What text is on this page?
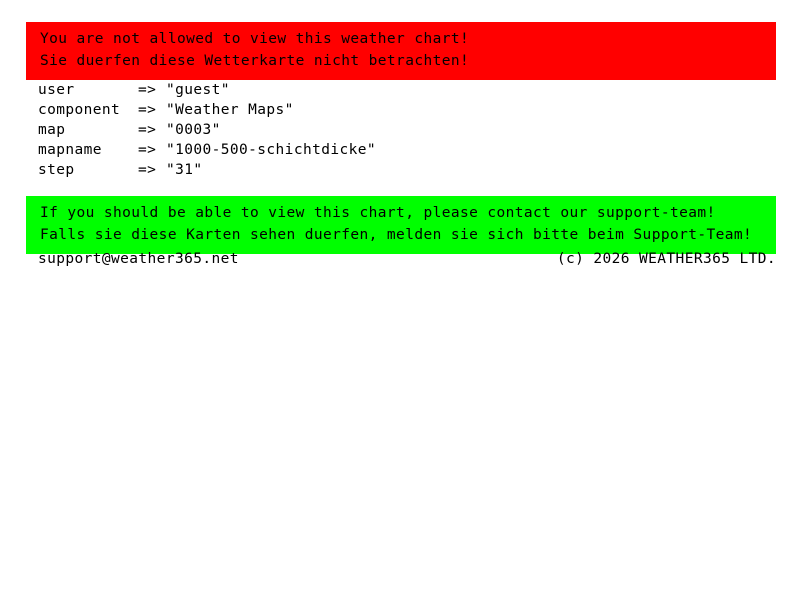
You are not allowed to view this weather chart!
Sie duerfen diese Wetterkarte nicht betrachten!
user	=> "guest"
component	=> "Weather Maps"
map	=> "0003"
mapname	=> "1000-500-schichtdicke"
step	=> "31"
If you should be able to view this chart, please contact our support-team!
Falls sie diese Karten sehen duerfen, melden sie sich bitte beim Support-Team!
support@weather365.net	(c) 2026 WEATHER365 LTD.
